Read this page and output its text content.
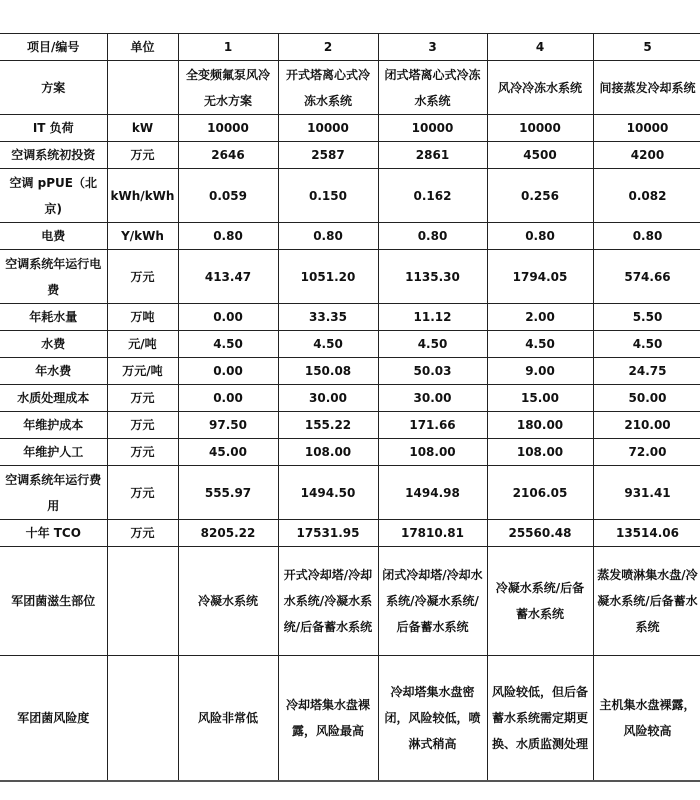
项目/编号	单位	1	2	3	4	5
方案		全变频氟泵风冷无水方案	开式塔离心式冷冻水系统	闭式塔离心式冷冻水系统	风冷冷冻水系统	间接蒸发冷却系统
IT 负荷	kW	10000	10000	10000	10000	10000
空调系统初投资	万元	2646	2587	2861	4500	4200
空调 pPUE（北京)	kWh/kWh	0.059	0.150	0.162	0.256	0.082
电费	Y/kWh	0.80	0.80	0.80	0.80	0.80
空调系统年运行电费	万元	413.47	1051.20	1135.30	1794.05	574.66
年耗水量	万吨	0.00	33.35	11.12	2.00	5.50
水费	元/吨	4.50	4.50	4.50	4.50	4.50
年水费	万元/吨	0.00	150.08	50.03	9.00	24.75
水质处理成本	万元	0.00	30.00	30.00	15.00	50.00
年维护成本	万元	97.50	155.22	171.66	180.00	210.00
年维护人工	万元	45.00	108.00	108.00	108.00	72.00
空调系统年运行费用	万元	555.97	1494.50	1494.98	2106.05	931.41
十年 TCO	万元	8205.22	17531.95	17810.81	25560.48	13514.06
军团菌滋生部位		冷凝水系统	开式冷却塔/冷却水系统/冷凝水系统/后备蓄水系统	闭式冷却塔/冷却水系统/冷凝水系统/后备蓄水系统	冷凝水系统/后备蓄水系统	蒸发喷淋集水盘/冷凝水系统/后备蓄水系统
军团菌风险度		风险非常低	冷却塔集水盘裸露，风险最高	冷却塔集水盘密闭，风险较低，喷淋式稍高	风险较低，但后备蓄水系统需定期更换、水质监测处理	主机集水盘裸露，风险较高
